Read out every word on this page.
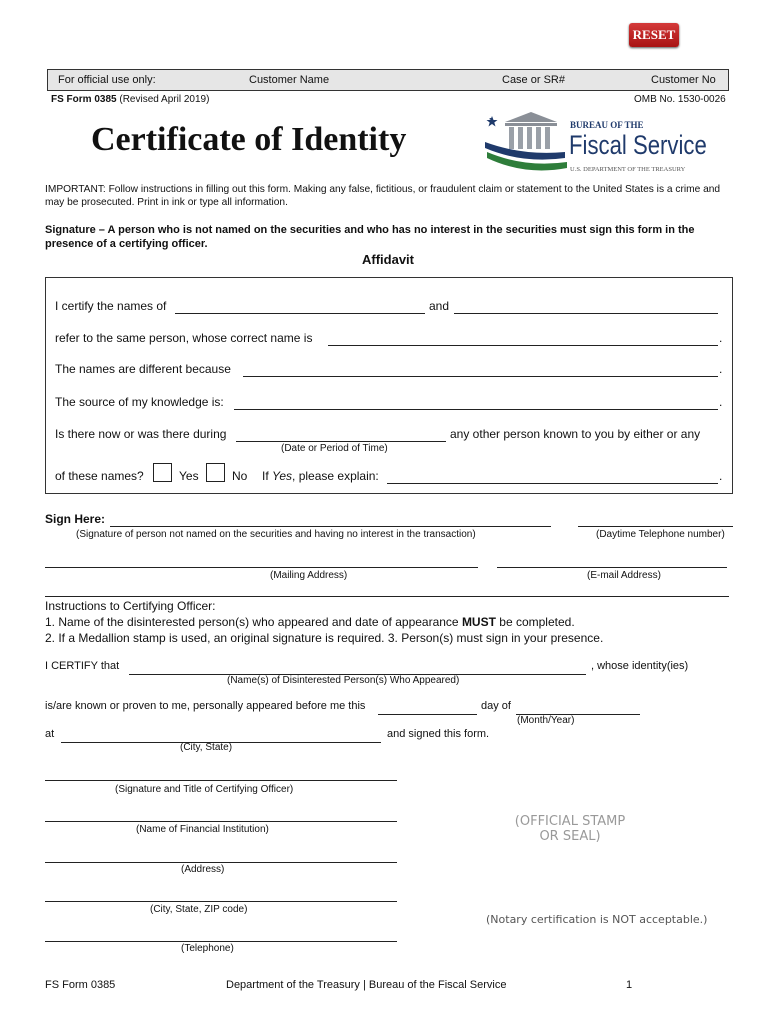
RESET
For official use only:	Customer Name	Case or SR#	Customer No
FS Form 0385 (Revised April 2019)	OMB No. 1530-0026
Certificate of Identity	BUREAU OF THE
Fiscal Service
U.S. DEPARTMENT OF THE TREASURY
IMPORTANT: Follow instructions in filling out this form. Making any false, fictitious, or fraudulent claim or statement to the United States is a crime and
may be prosecuted. Print in ink or type all information.
Signature – A person who is not named on the securities and who has no interest in the securities must sign this form in the
presence of a certifying officer.
Affidavit
I certify the names of	and
refer to the same person, whose correct name is	.
The names are different because	.
The source of my knowledge is:	.
Is there now or was there during	any other person known to you by either or any
(Date or Period of Time)
of these names?	Yes	No If Yes, please explain:	.
Sign Here:
(Signature of person not named on the securities and having no interest in the transaction)	(Daytime Telephone number)
(Mailing Address)	(E-mail Address)
Instructions to Certifying Officer:
1. Name of the disinterested person(s) who appeared and date of appearance MUST be completed.
2. If a Medallion stamp is used, an original signature is required. 3. Person(s) must sign in your presence.
I CERTIFY that	, whose identity(ies)
(Name(s) of Disinterested Person(s) Who Appeared)
is/are known or proven to me, personally appeared before me this	day of
(Month/Year)
at	and signed this form.
(City, State)
(Signature and Title of Certifying Officer)
(Name of Financial Institution)
(Address)
(City, State, ZIP code)
(Telephone)
(OFFICIAL STAMP
OR SEAL)
(Notary certification is NOT acceptable.)
FS Form 0385	Department of the Treasury | Bureau of the Fiscal Service	1
